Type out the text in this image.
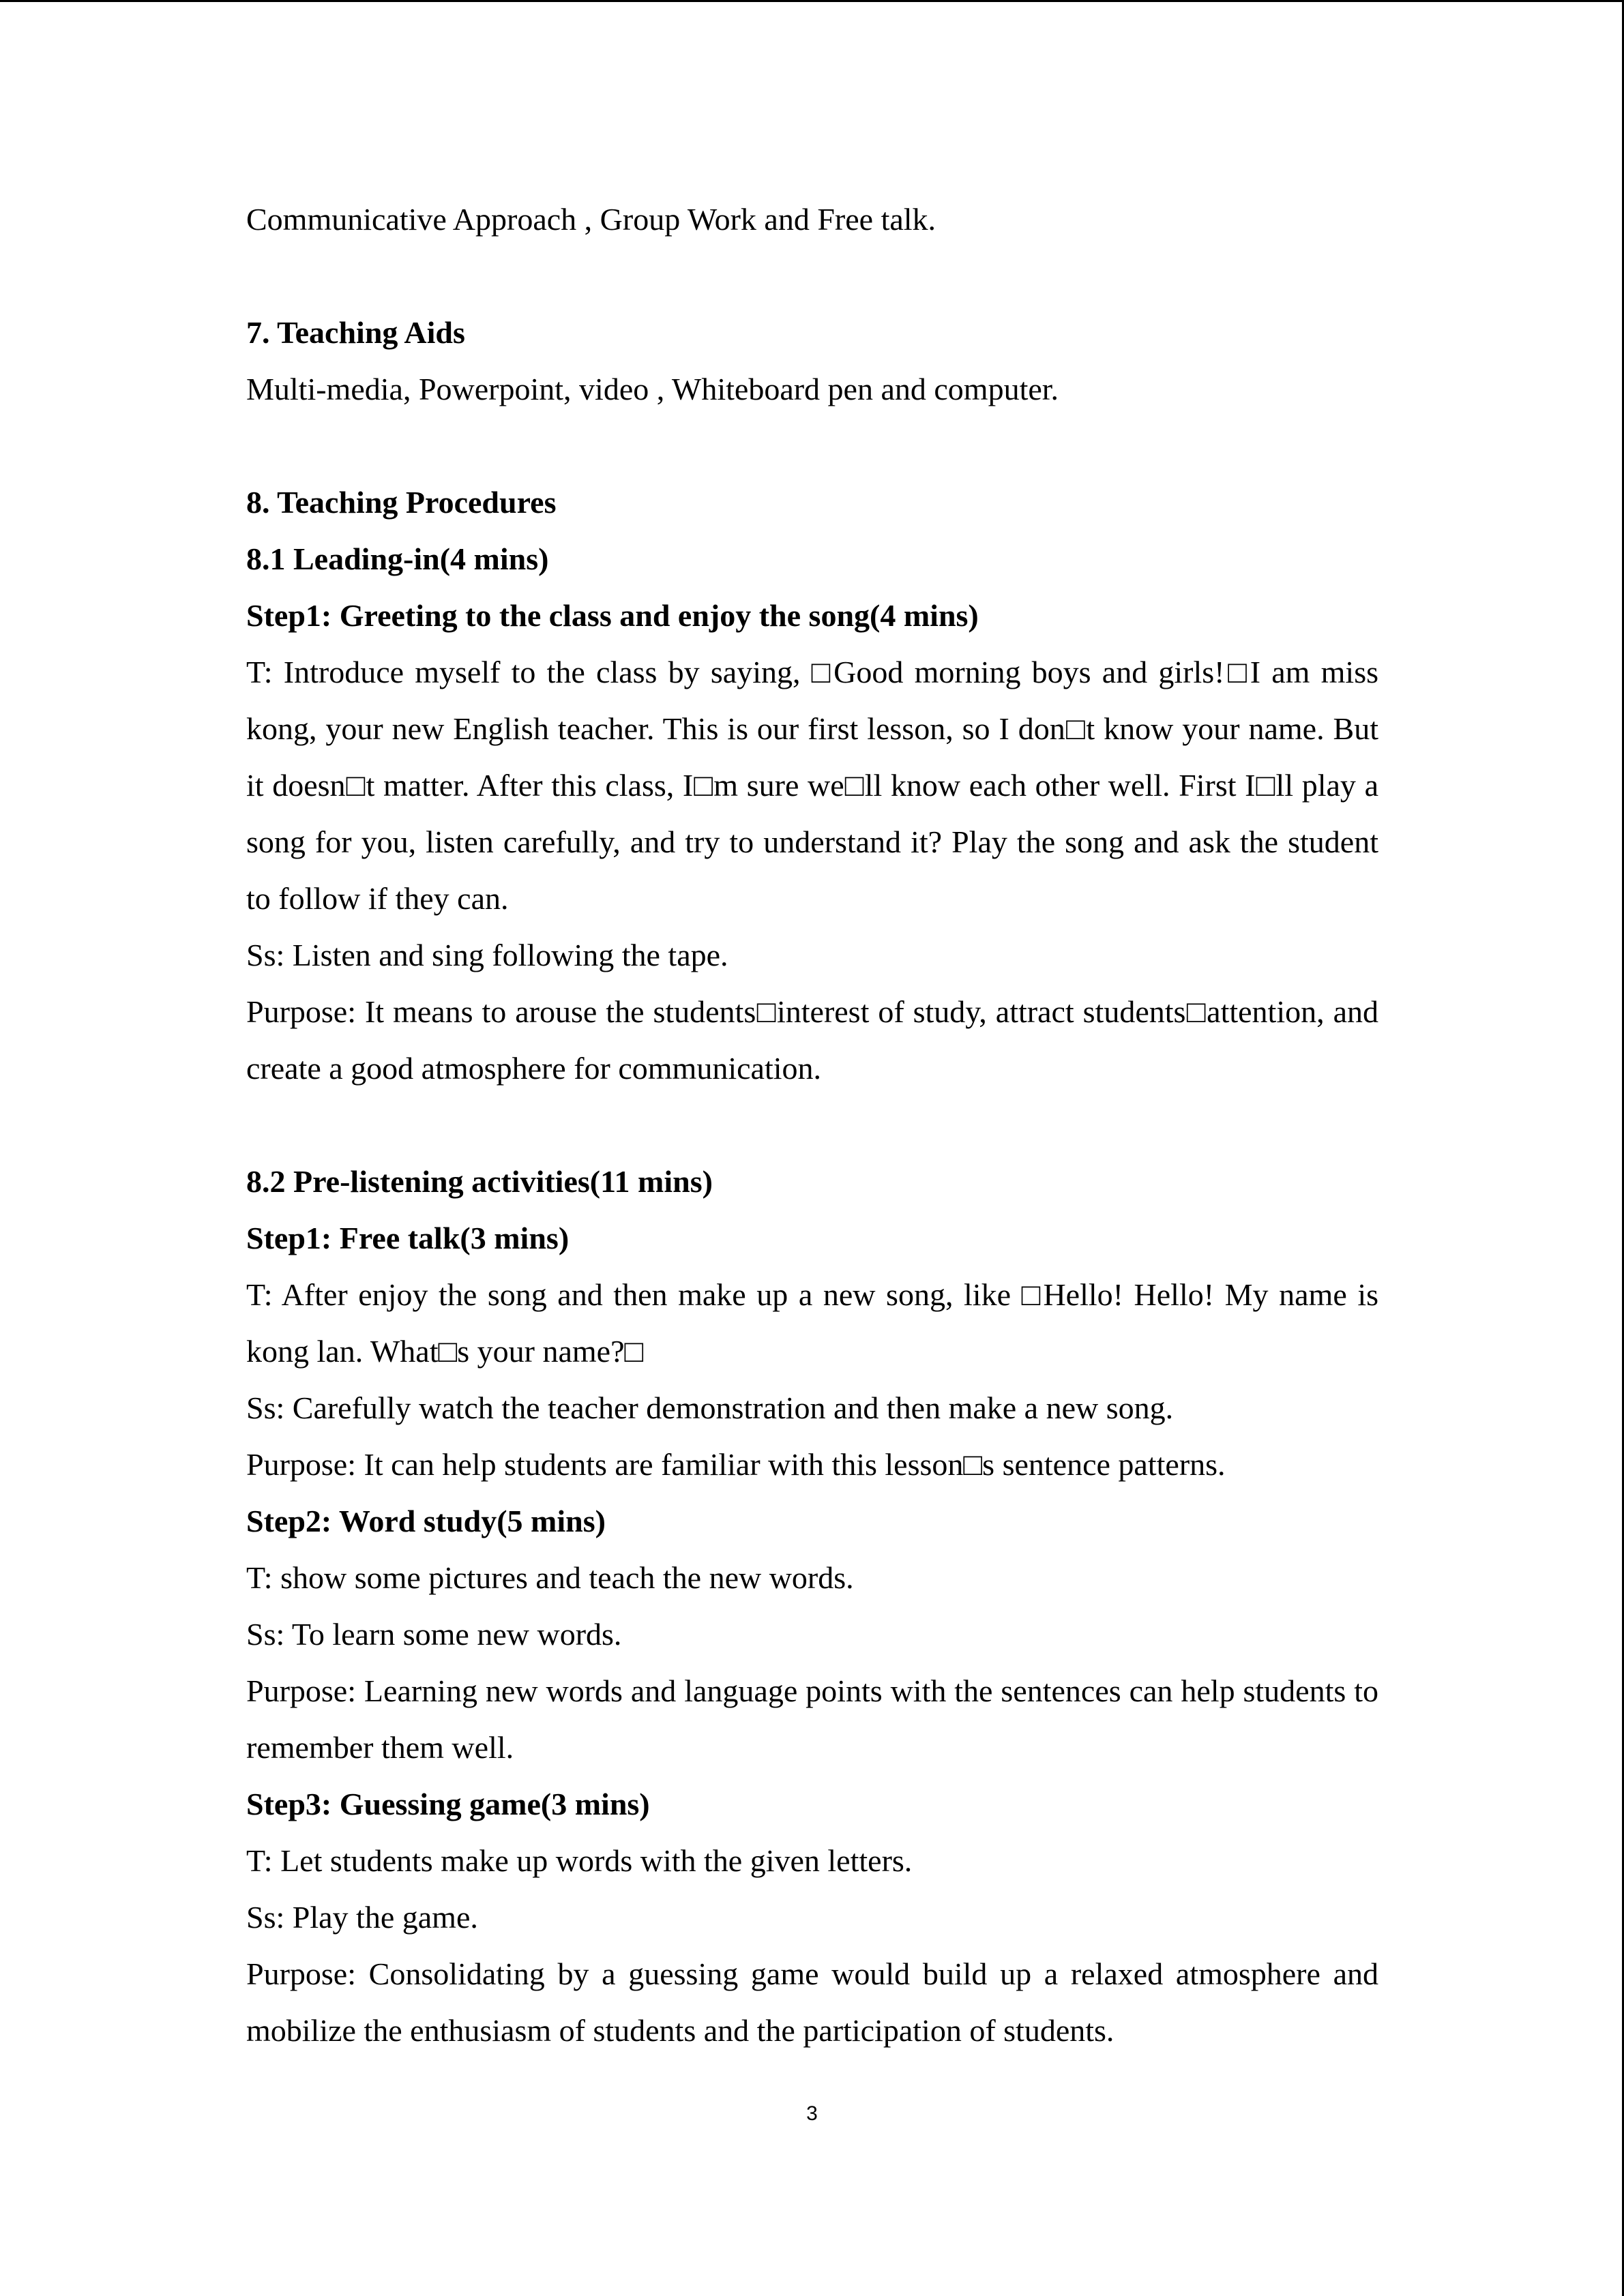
Communicative Approach , Group Work and Free talk.

7. Teaching Aids

Multi-media, Powerpoint, video , Whiteboard pen and computer.

8. Teaching Procedures

8.1 Leading-in(4 mins)

Step1: Greeting to the class and enjoy the song(4 mins)

T: Introduce myself to the class by saying, □Good morning boys and girls!□I am miss kong, your new English teacher. This is our first lesson, so I don□t know your name. But it doesn□t matter. After this class, I□m sure we□ll know each other well. First I□ll play a song for you, listen carefully, and try to understand it? Play the song and ask the student to follow if they can.

Ss: Listen and sing following the tape.

Purpose: It means to arouse the students□interest of study, attract students□attention, and create a good atmosphere for communication.

8.2 Pre-listening activities(11 mins)

Step1: Free talk(3 mins)

T: After enjoy the song and then make up a new song, like □Hello! Hello! My name is kong lan. What□s your name?□

Ss: Carefully watch the teacher demonstration and then make a new song.

Purpose: It can help students are familiar with this lesson□s sentence patterns.

Step2: Word study(5 mins)

T: show some pictures and teach the new words.

Ss: To learn some new words.

Purpose: Learning new words and language points with the sentences can help students to remember them well.

Step3: Guessing game(3 mins)

T: Let students make up words with the given letters.

Ss: Play the game.

Purpose: Consolidating by a guessing game would build up a relaxed atmosphere and mobilize the enthusiasm of students and the participation of students.

3
